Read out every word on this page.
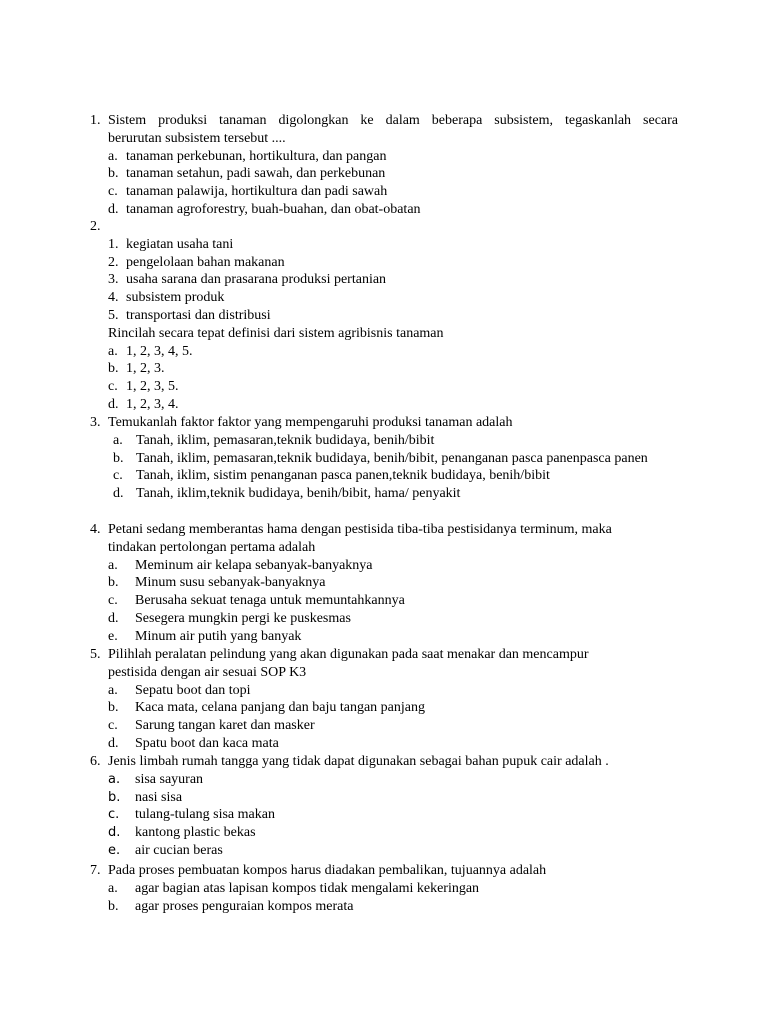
1. Sistem produksi tanaman digolongkan ke dalam beberapa subsistem, tegaskanlah secara
berurutan subsistem tersebut ....
a. tanaman perkebunan, hortikultura, dan pangan
b. tanaman setahun, padi sawah, dan perkebunan
c. tanaman palawija, hortikultura dan padi sawah
d. tanaman agroforestry, buah-buahan, dan obat-obatan
2.
1. kegiatan usaha tani
2. pengelolaan bahan makanan
3. usaha sarana dan prasarana produksi pertanian
4. subsistem produk
5. transportasi dan distribusi
Rincilah secara tepat definisi dari sistem agribisnis tanaman
a. 1, 2, 3, 4, 5.
b. 1, 2, 3.
c. 1, 2, 3, 5.
d. 1, 2, 3, 4.
3. Temukanlah faktor faktor yang mempengaruhi produksi tanaman adalah
a. Tanah, iklim, pemasaran,teknik budidaya, benih/bibit
b. Tanah, iklim, pemasaran,teknik budidaya, benih/bibit, penanganan pasca panenpasca panen
c. Tanah, iklim, sistim penanganan pasca panen,teknik budidaya, benih/bibit
d. Tanah, iklim,teknik budidaya, benih/bibit, hama/ penyakit
4. Petani sedang memberantas hama dengan pestisida tiba-tiba pestisidanya terminum, maka
tindakan pertolongan pertama adalah
a. Meminum air kelapa sebanyak-banyaknya
b. Minum susu sebanyak-banyaknya
c. Berusaha sekuat tenaga untuk memuntahkannya
d. Sesegera mungkin pergi ke puskesmas
e. Minum air putih yang banyak
5. Pilihlah peralatan pelindung yang akan digunakan pada saat menakar dan mencampur
pestisida dengan air sesuai SOP K3
a. Sepatu boot dan topi
b. Kaca mata, celana panjang dan baju tangan panjang
c. Sarung tangan karet dan masker
d. Spatu boot dan kaca mata
6. Jenis limbah rumah tangga yang tidak dapat digunakan sebagai bahan pupuk cair adalah .
a. sisa sayuran
b. nasi sisa
c. tulang-tulang sisa makan
d. kantong plastic bekas
e. air cucian beras
7. Pada proses pembuatan kompos harus diadakan pembalikan, tujuannya adalah
a. agar bagian atas lapisan kompos tidak mengalami kekeringan
b. agar proses penguraian kompos merata
